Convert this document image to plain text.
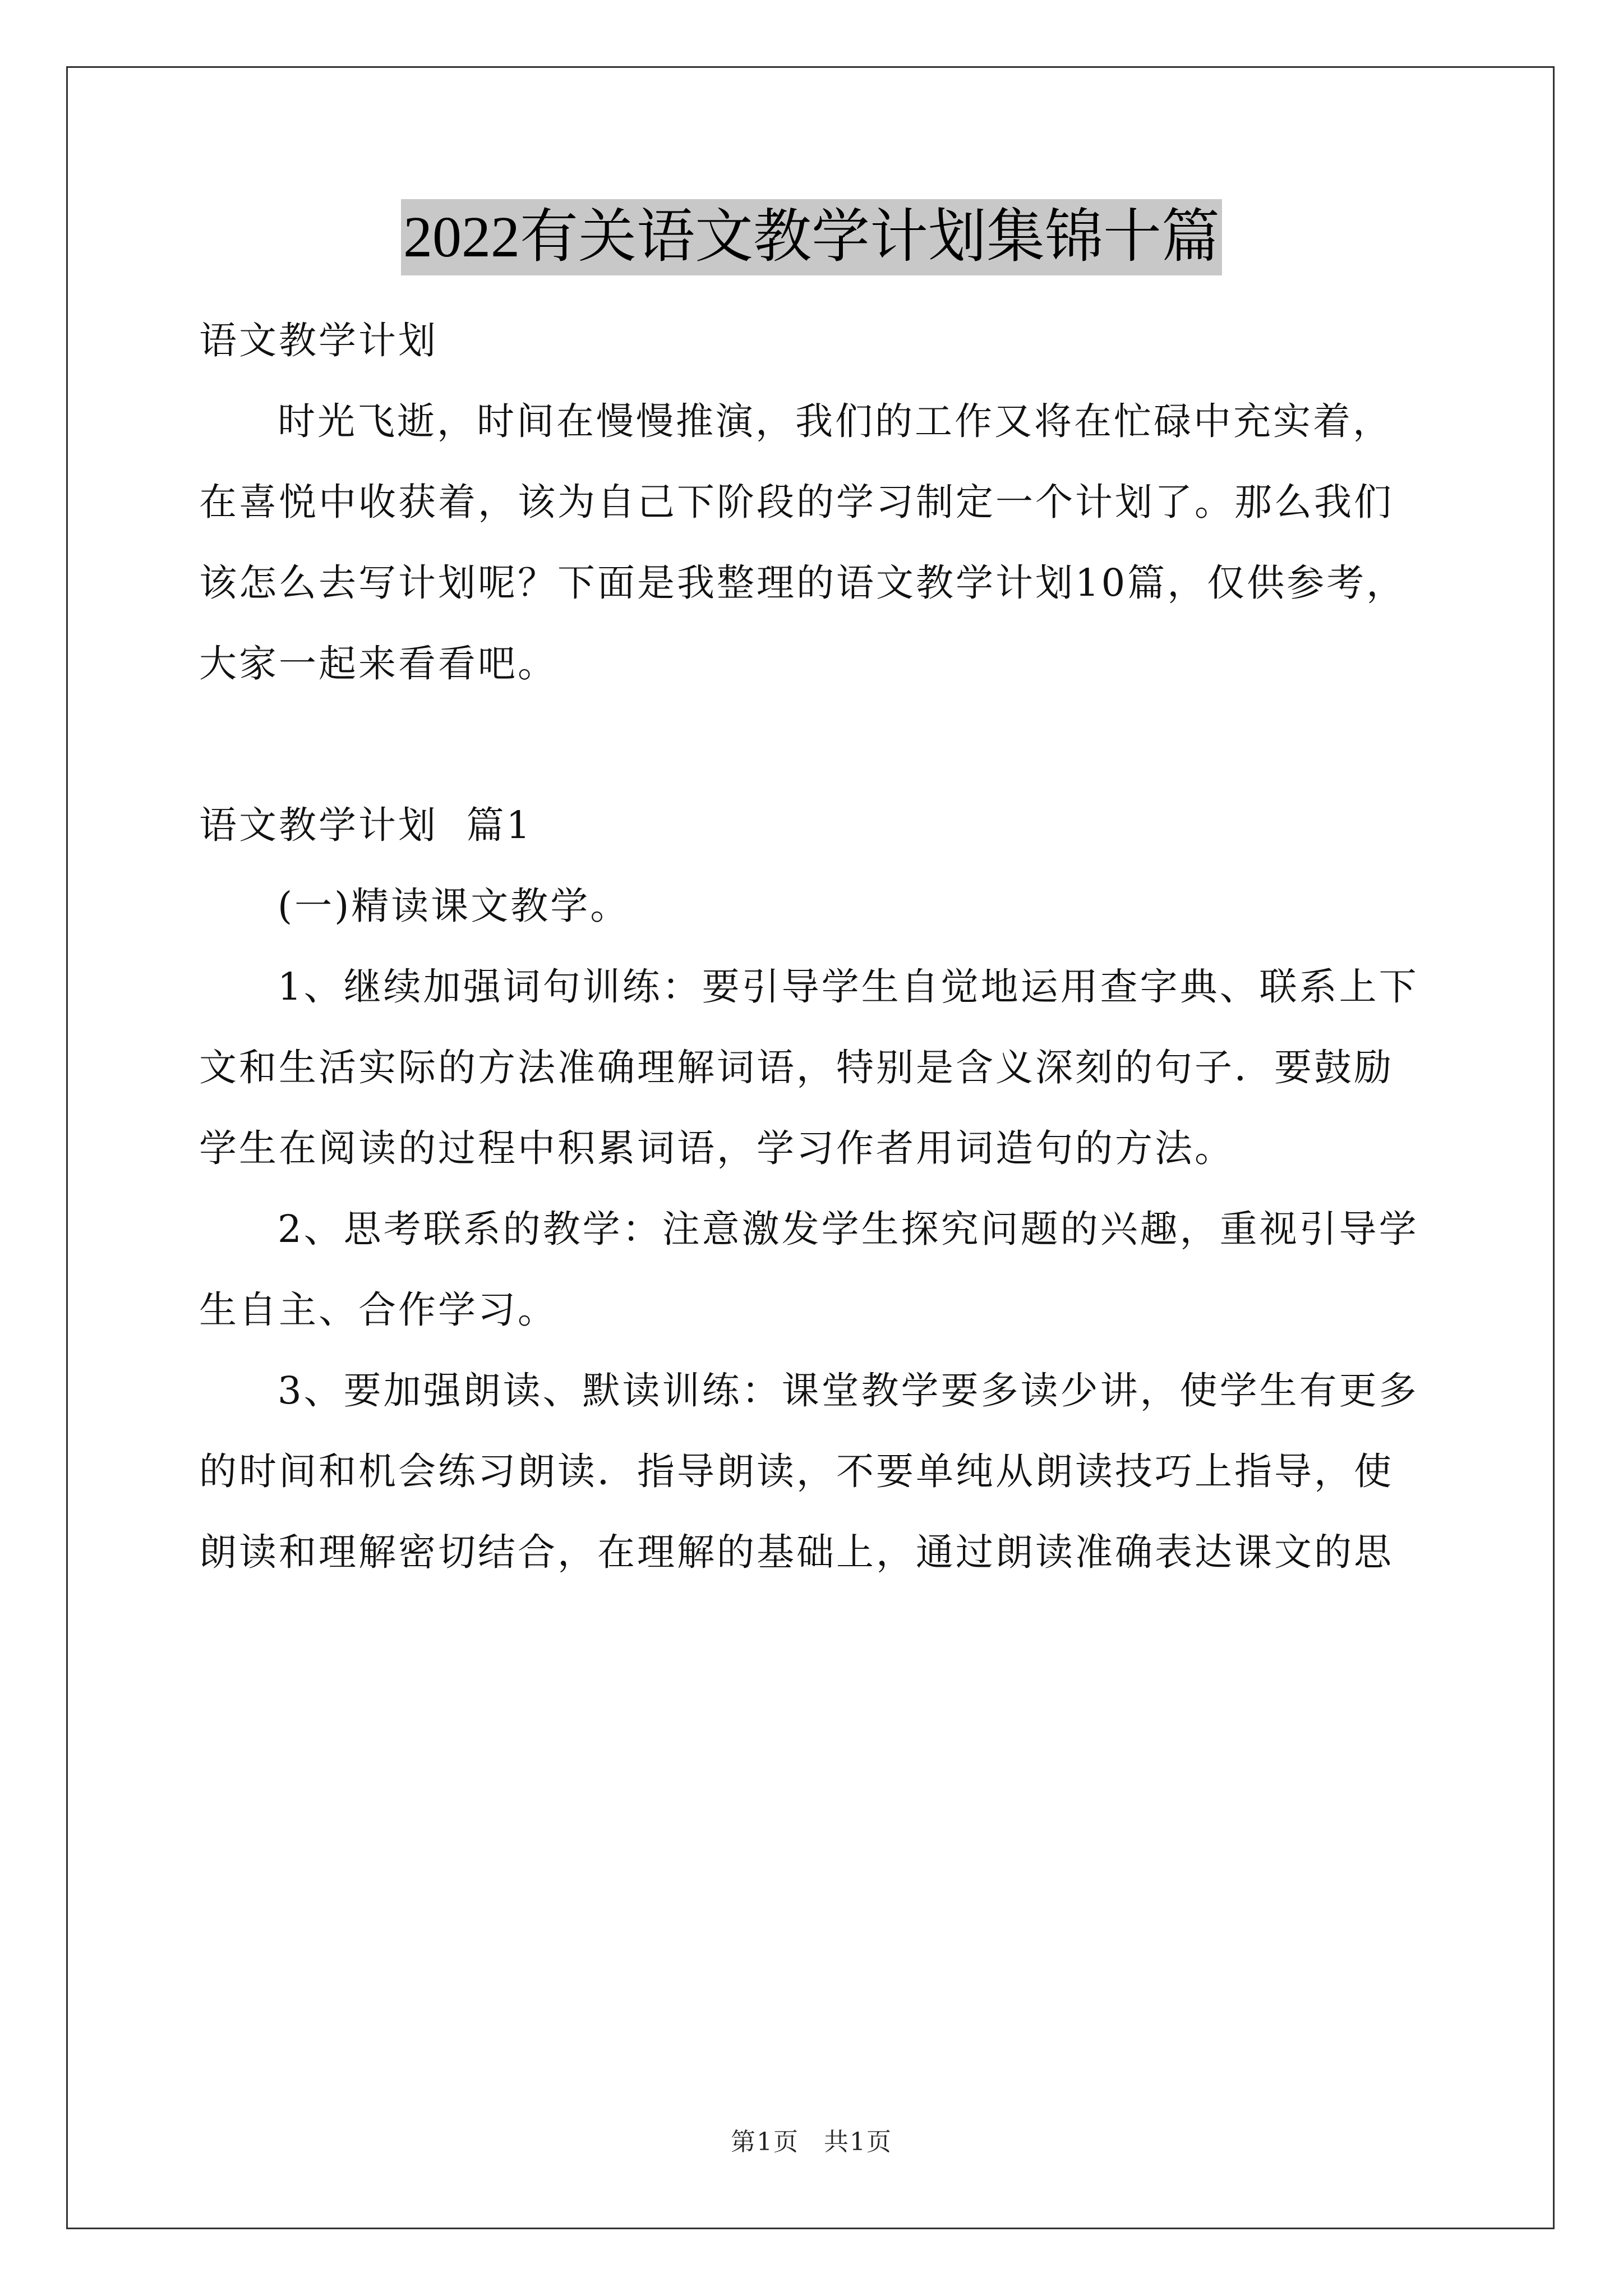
2022有关语文教学计划集锦十篇

语文教学计划

时光飞逝，时间在慢慢推演，我们的工作又将在忙碌中充实着，

在喜悦中收获着，该为自己下阶段的学习制定一个计划了。那么我们

该怎么去写计划呢？下面是我整理的语文教学计划10篇，仅供参考，

大家一起来看看吧。

语文教学计划  篇1

(一)精读课文教学。

1、继续加强词句训练：要引导学生自觉地运用查字典、联系上下

文和生活实际的方法准确理解词语，特别是含义深刻的句子．要鼓励

学生在阅读的过程中积累词语，学习作者用词造句的方法。

2、思考联系的教学：注意激发学生探究问题的兴趣，重视引导学

生自主、合作学习。

3、要加强朗读、默读训练：课堂教学要多读少讲，使学生有更多

的时间和机会练习朗读．指导朗读，不要单纯从朗读技巧上指导，使

朗读和理解密切结合，在理解的基础上，通过朗读准确表达课文的思

第1页 共1页
